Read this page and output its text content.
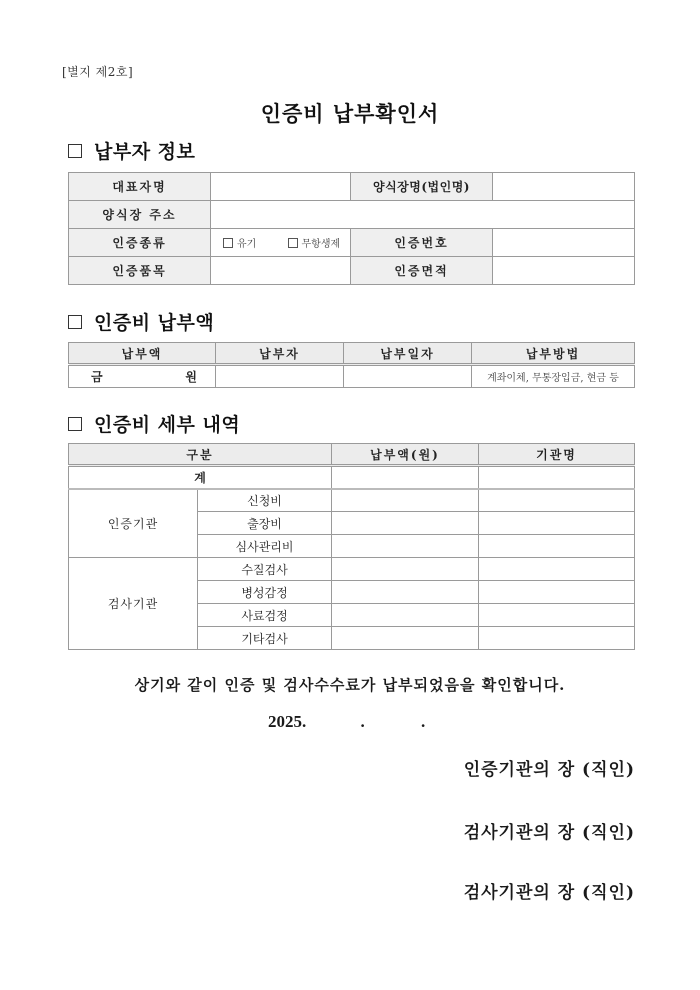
[별지 제2호]
인증비 납부확인서
납부자 정보
대표자명		양식장명(법인명)	
양식장 주소			
인증종류	유기 무항생제	인증번호	
인증품목		인증면적	
인증비 납부액
납부액	납부자	납부일자	납부방법

금 원			계좌이체, 무통장입금, 현금 등
인증비 세부 내역
구분		납부액(원)	기관명
계			
인증기관	신청비		
	출장비		
	심사관리비		
검사기관	수질검사		
	병성감정		
	사료검정		
	기타검사		
상기와 같이 인증 및 검사수수료가 납부되었음을 확인합니다.
2025.	.	.
인증기관의 장 (직인)
검사기관의 장 (직인)
검사기관의 장 (직인)
